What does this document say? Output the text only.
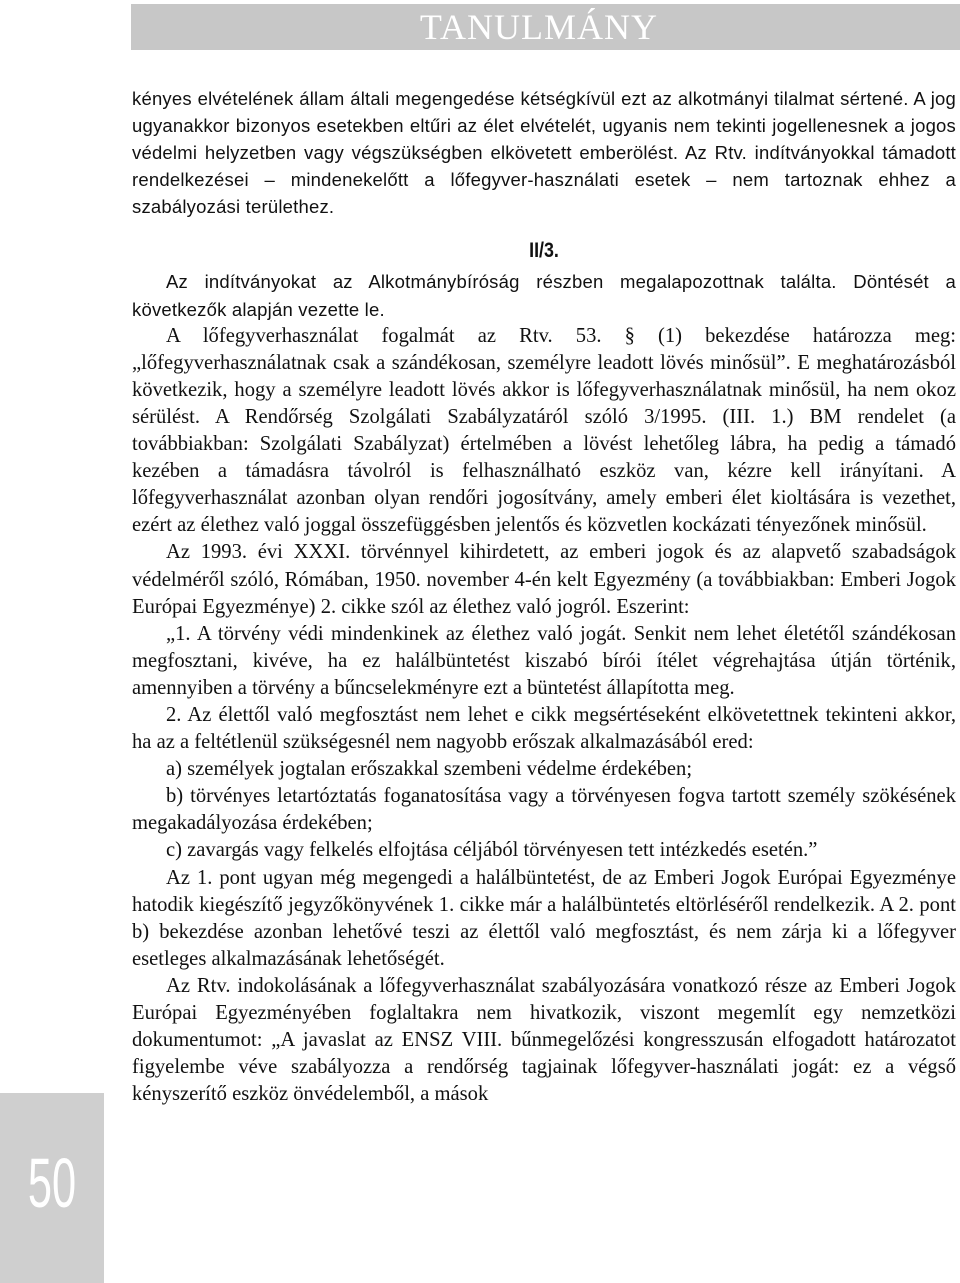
TANULMÁNY
50

kényes elvételének állam általi megengedése kétségkívül ezt az alkotmányi tilalmat sértené. A jog ugyanakkor bizonyos esetekben eltűri az élet elvételét, ugyanis nem tekinti jogellenesnek a jogos védelmi helyzetben vagy végszükségben elkövetett emberölést. Az Rtv. indítványokkal támadott rendelkezései – mindenekelőtt a lőfegyver-használati esetek – nem tartoznak ehhez a szabályozási területhez.

II/3.

Az indítványokat az Alkotmánybíróság részben megalapozottnak találta. Döntését a következők alapján vezette le.

A lőfegyverhasználat fogalmát az Rtv. 53. § (1) bekezdése határozza meg: „lőfegyverhasználatnak csak a szándékosan, személyre leadott lövés minősül”. E meghatározásból következik, hogy a személyre leadott lövés akkor is lőfegyverhasználatnak minősül, ha nem okoz sérülést. A Rendőrség Szolgálati Szabályzatáról szóló 3/1995. (III. 1.) BM rendelet (a továbbiakban: Szolgálati Szabályzat) értelmében a lövést lehetőleg lábra, ha pedig a támadó kezében a támadásra távolról is felhasználható eszköz van, kézre kell irányítani. A lőfegyverhasználat azonban olyan rendőri jogosítvány, amely emberi élet kioltására is vezethet, ezért az élethez való joggal összefüggésben jelentős és közvetlen kockázati tényezőnek minősül.

Az 1993. évi XXXI. törvénnyel kihirdetett, az emberi jogok és az alapvető szabadságok védelméről szóló, Rómában, 1950. november 4-én kelt Egyezmény (a továbbiakban: Emberi Jogok Európai Egyezménye) 2. cikke szól az élethez való jogról. Eszerint:

„1. A törvény védi mindenkinek az élethez való jogát. Senkit nem lehet életétől szándékosan megfosztani, kivéve, ha ez halálbüntetést kiszabó bírói ítélet végrehajtása útján történik, amennyiben a törvény a bűncselekményre ezt a büntetést állapította meg.

2. Az élettől való megfosztást nem lehet e cikk megsértéseként elkövetettnek tekinteni akkor, ha az a feltétlenül szükségesnél nem nagyobb erőszak alkalmazásából ered:

a) személyek jogtalan erőszakkal szembeni védelme érdekében;

b) törvényes letartóztatás foganatosítása vagy a törvényesen fogva tartott személy szökésének megakadályozása érdekében;

c) zavargás vagy felkelés elfojtása céljából törvényesen tett intézkedés esetén.”

Az 1. pont ugyan még megengedi a halálbüntetést, de az Emberi Jogok Európai Egyezménye hatodik kiegészítő jegyzőkönyvének 1. cikke már a halálbüntetés eltörléséről rendelkezik. A 2. pont b) bekezdése azonban lehetővé teszi az élettől való megfosztást, és nem zárja ki a lőfegyver esetleges alkalmazásának lehetőségét.

Az Rtv. indokolásának a lőfegyverhasználat szabályozására vonatkozó része az Emberi Jogok Európai Egyezményében foglaltakra nem hivatkozik, viszont megemlít egy nemzetközi dokumentumot: „A javaslat az ENSZ VIII. bűnmegelőzési kongresszusán elfogadott határozatot figyelembe véve szabályozza a rendőrség tagjainak lőfegyver-használati jogát: ez a végső kényszerítő eszköz önvédelemből, a mások
